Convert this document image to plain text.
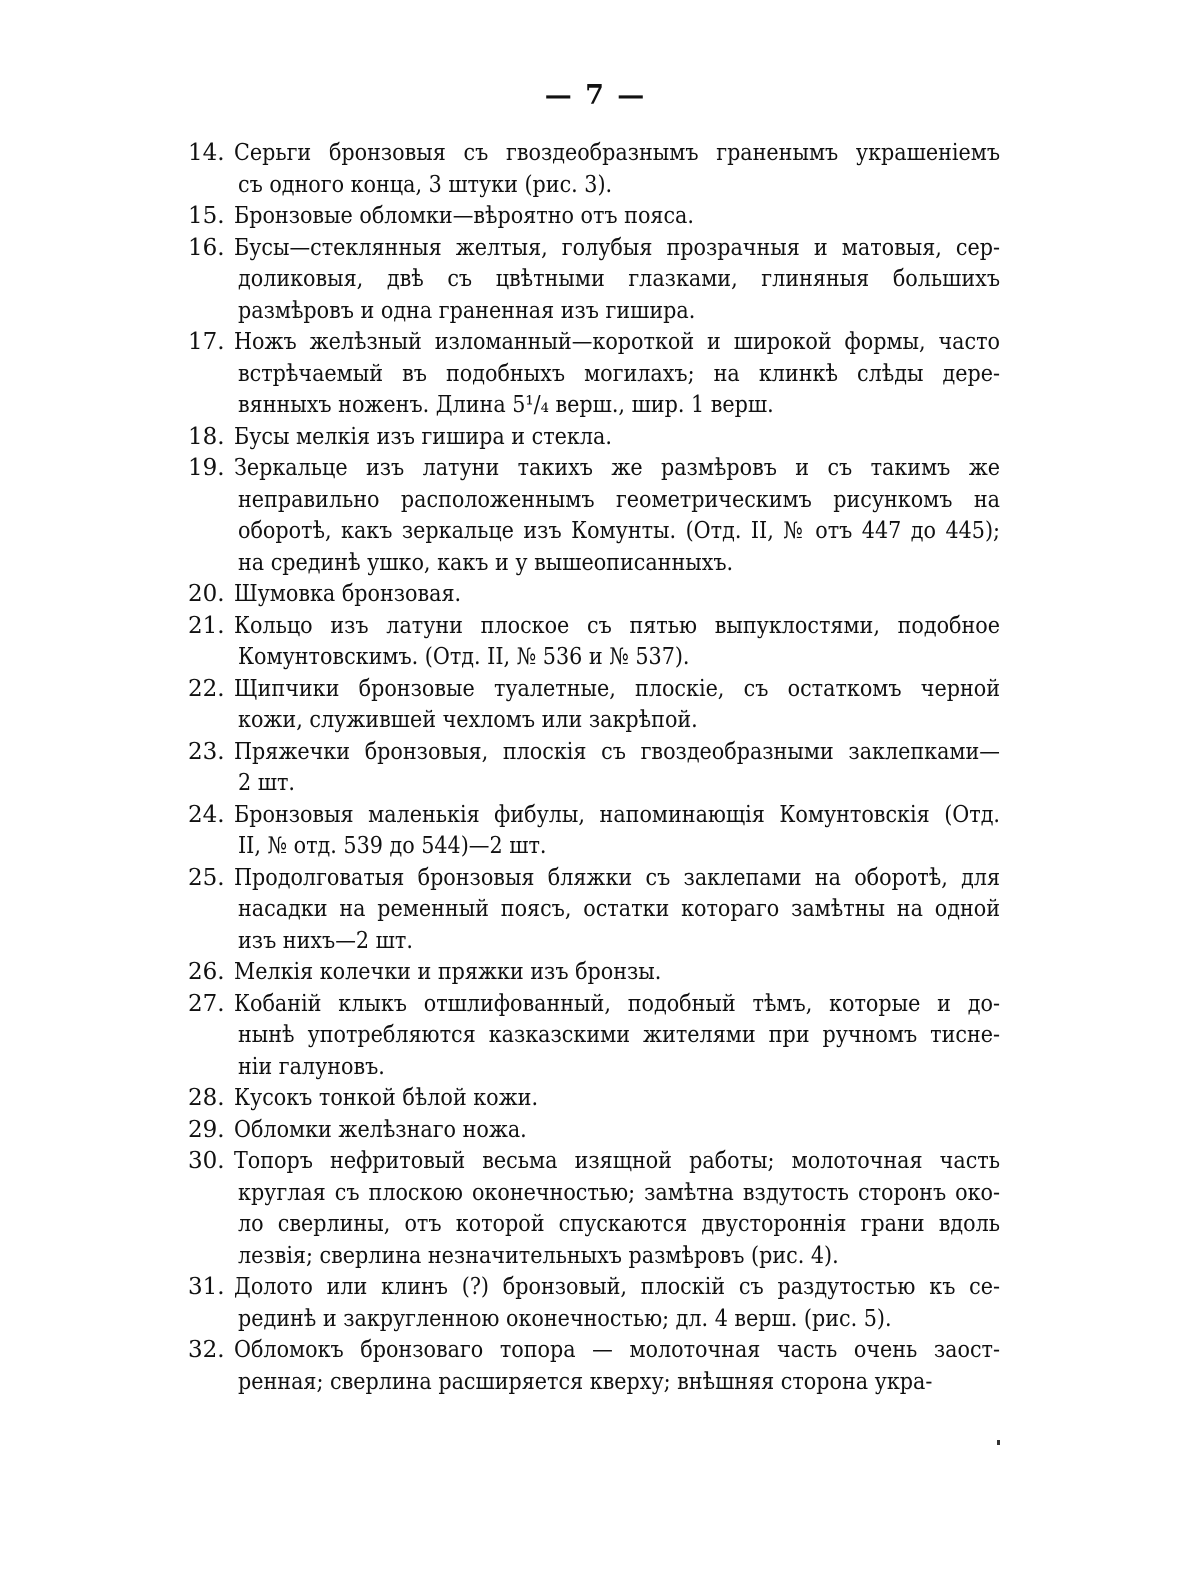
— 7 —
14. Серьги бронзовыя съ гвоздеобразнымъ граненымъ украшеніемъ
съ одного конца, 3 штуки (рис. 3).
15. Бронзовые обломки—вѣроятно отъ пояса.
16. Бусы—стеклянныя желтыя, голубыя прозрачныя и матовыя, сер-
доликовыя, двѣ съ цвѣтными глазками, глиняныя большихъ
размѣровъ и одна граненная изъ гишира.
17. Ножъ желѣзный изломанный—короткой и широкой формы, часто
встрѣчаемый въ подобныхъ могилахъ; на клинкѣ слѣды дере-
вянныхъ ноженъ. Длина 5¹/₄ верш., шир. 1 верш.
18. Бусы мелкія изъ гишира и стекла.
19. Зеркальце изъ латуни такихъ же размѣровъ и съ такимъ же
неправильно расположеннымъ геометрическимъ рисункомъ на
оборотѣ, какъ зеркальце изъ Комунты. (Отд. II, № отъ 447 до 445);
на срединѣ ушко, какъ и у вышеописанныхъ.
20. Шумовка бронзовая.
21. Кольцо изъ латуни плоское съ пятью выпуклостями, подобное
Комунтовскимъ. (Отд. II, № 536 и № 537).
22. Щипчики бронзовые туалетные, плоскіе, съ остаткомъ черной
кожи, служившей чехломъ или закрѣпой.
23. Пряжечки бронзовыя, плоскія съ гвоздеобразными заклепками—
2 шт.
24. Бронзовыя маленькія фибулы, напоминающія Комунтовскія (Отд.
II, № отд. 539 до 544)—2 шт.
25. Продолговатыя бронзовыя бляжки съ заклепами на оборотѣ, для
насадки на ременный поясъ, остатки котораго замѣтны на одной
изъ нихъ—2 шт.
26. Мелкія колечки и пряжки изъ бронзы.
27. Кобаній клыкъ отшлифованный, подобный тѣмъ, которые и до-
нынѣ употребляются казказскими жителями при ручномъ тисне-
ніи галуновъ.
28. Кусокъ тонкой бѣлой кожи.
29. Обломки желѣзнаго ножа.
30. Топоръ нефритовый весьма изящной работы; молоточная часть
круглая съ плоскою оконечностью; замѣтна вздутость сторонъ око-
ло сверлины, отъ которой спускаются двустороннія грани вдоль
лезвія; сверлина незначительныхъ размѣровъ (рис. 4).
31. Долото или клинъ (?) бронзовый, плоскій съ раздутостью къ се-
рединѣ и закругленною оконечностью; дл. 4 верш. (рис. 5).
32. Обломокъ бронзоваго топора — молоточная часть очень заост-
ренная; сверлина расширяется кверху; внѣшняя сторона укра-
